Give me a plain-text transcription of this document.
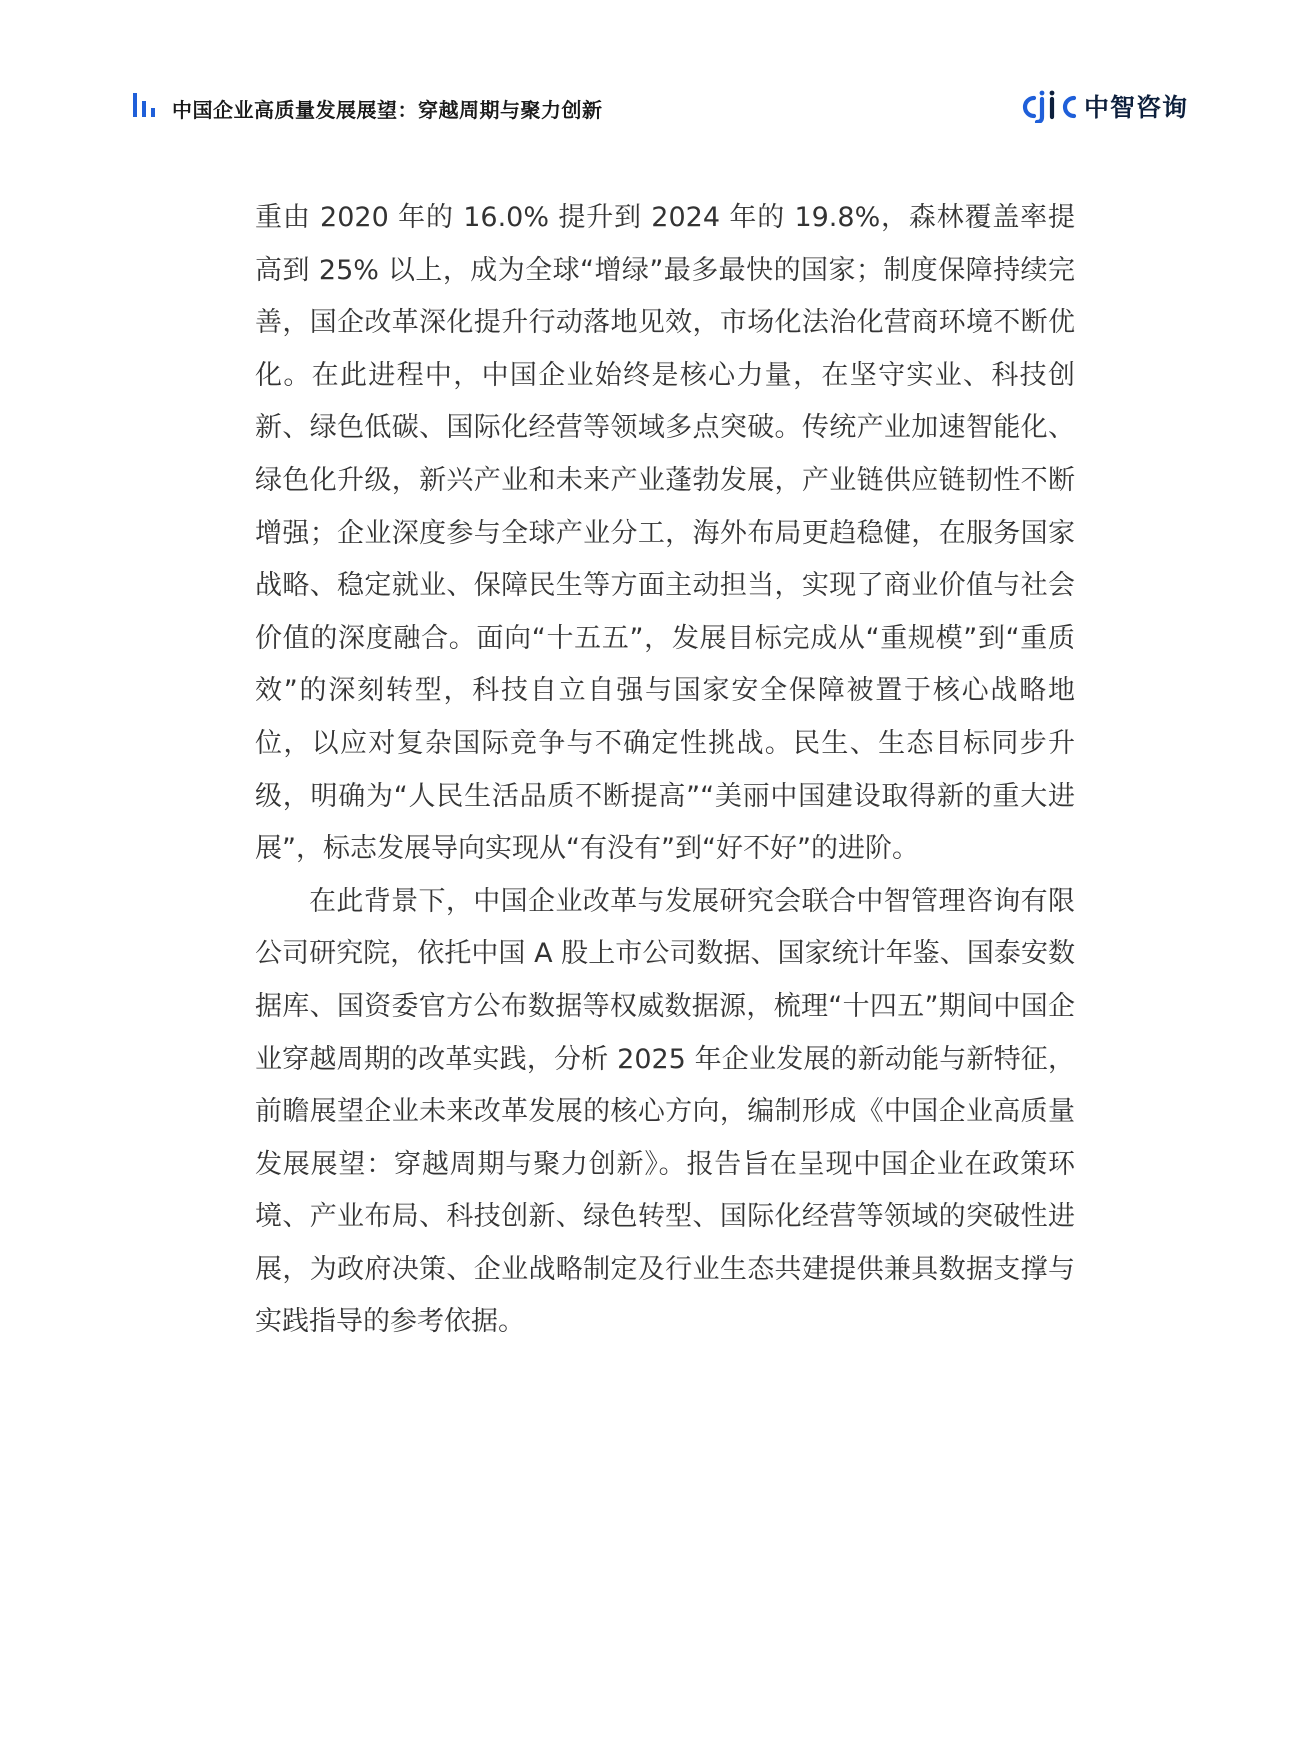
中国企业高质量发展展望：穿越周期与聚力创新	中智咨询

重由 2020 年的 16.0% 提升到 2024 年的 19.8%，森林覆盖率提高到 25% 以上，成为全球“增绿”最多最快的国家；制度保障持续完善，国企改革深化提升行动落地见效，市场化法治化营商环境不断优化。在此进程中，中国企业始终是核心力量，在坚守实业、科技创新、绿色低碳、国际化经营等领域多点突破。传统产业加速智能化、绿色化升级，新兴产业和未来产业蓬勃发展，产业链供应链韧性不断增强；企业深度参与全球产业分工，海外布局更趋稳健，在服务国家战略、稳定就业、保障民生等方面主动担当，实现了商业价值与社会价值的深度融合。面向“十五五”，发展目标完成从“重规模”到“重质效”的深刻转型，科技自立自强与国家安全保障被置于核心战略地位，以应对复杂国际竞争与不确定性挑战。民生、生态目标同步升级，明确为“人民生活品质不断提高”“美丽中国建设取得新的重大进展”，标志发展导向实现从“有没有”到“好不好”的进阶。

在此背景下，中国企业改革与发展研究会联合中智管理咨询有限公司研究院，依托中国 A 股上市公司数据、国家统计年鉴、国泰安数据库、国资委官方公布数据等权威数据源，梳理“十四五”期间中国企业穿越周期的改革实践，分析 2025 年企业发展的新动能与新特征，前瞻展望企业未来改革发展的核心方向，编制形成《中国企业高质量发展展望：穿越周期与聚力创新》。报告旨在呈现中国企业在政策环境、产业布局、科技创新、绿色转型、国际化经营等领域的突破性进展，为政府决策、企业战略制定及行业生态共建提供兼具数据支撑与实践指导的参考依据。
